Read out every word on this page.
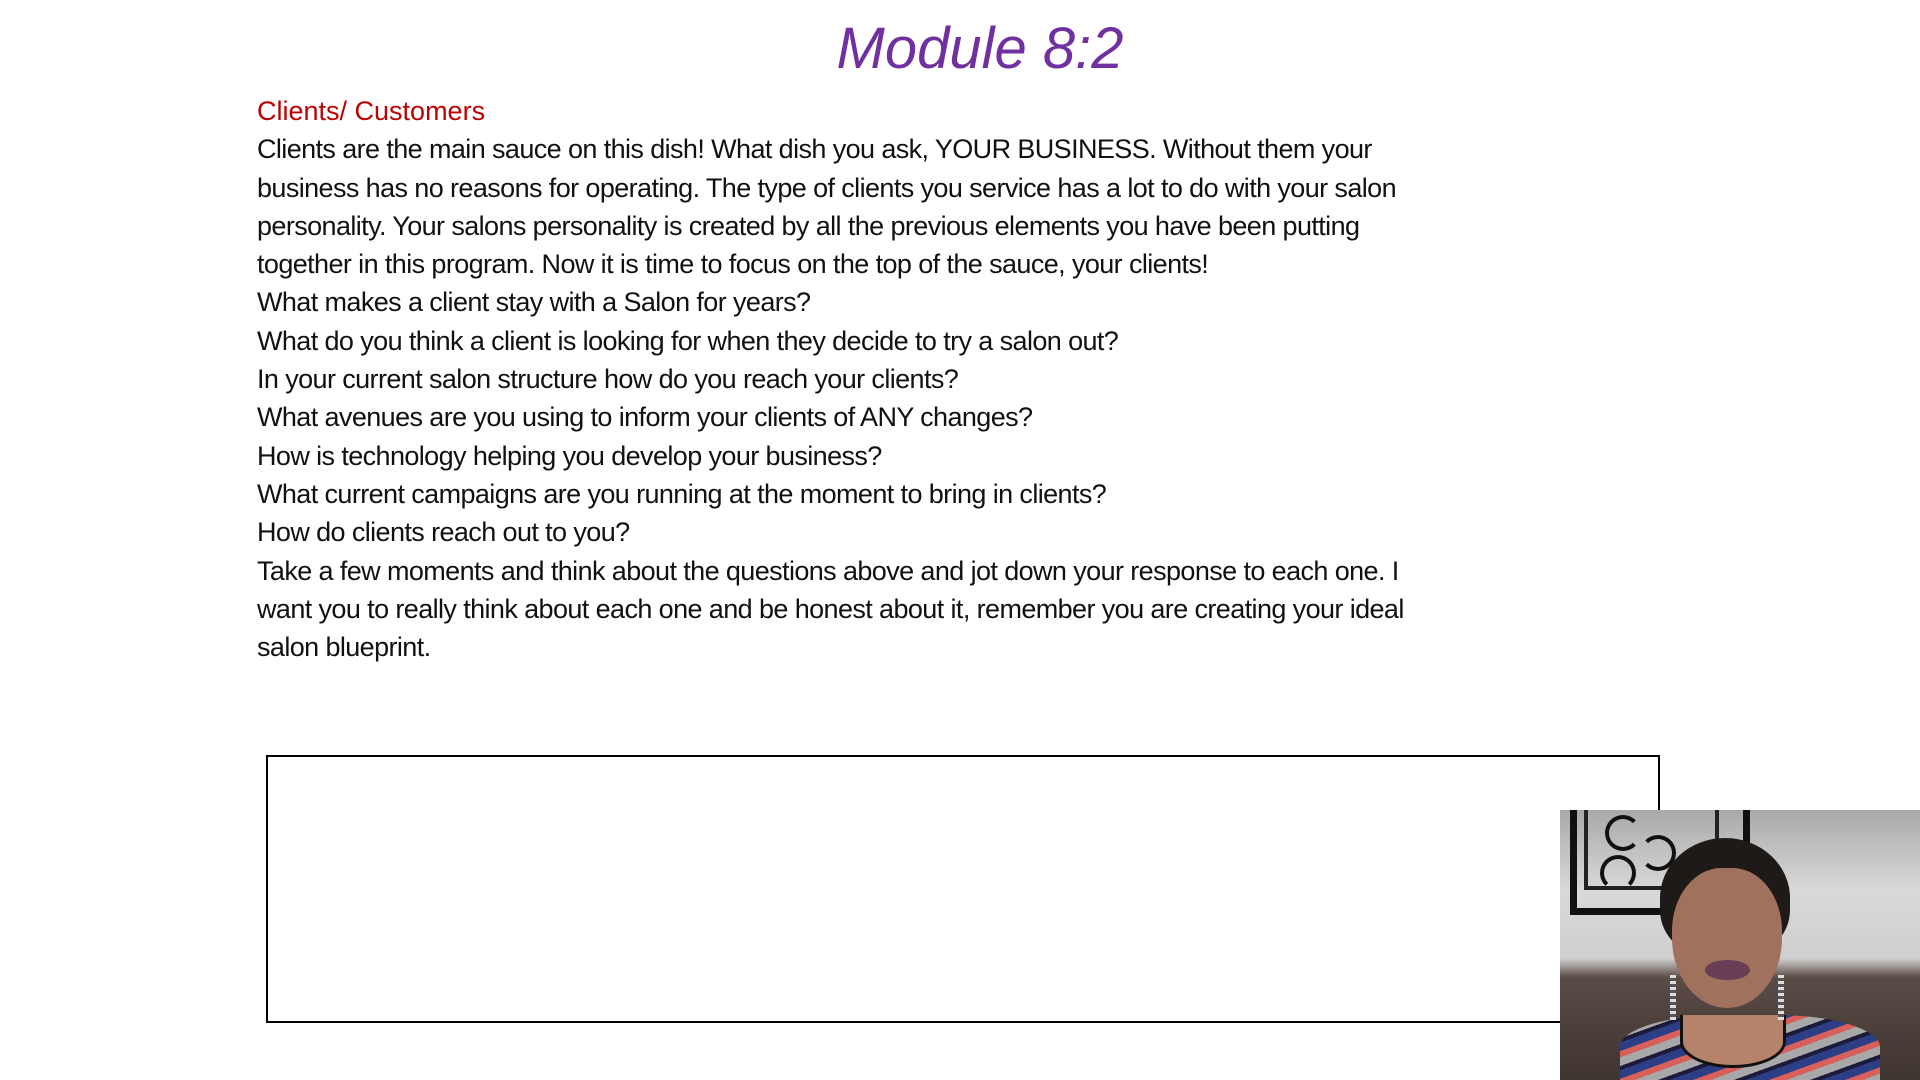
Module 8:2
Clients/ Customers
Clients are the main sauce on this dish! What dish you ask, YOUR BUSINESS. Without them your
business has no reasons for operating. The type of clients you service has a lot to do with your salon
personality. Your salons personality is created by all the previous elements you have been putting
together in this program. Now it is time to focus on the top of the sauce, your clients!
What makes a client stay with a Salon for years?
What do you think a client is looking for when they decide to try a salon out?
In your current salon structure how do you reach your clients?
What avenues are you using to inform your clients of ANY changes?
How is technology helping you develop your business?
What current campaigns are you running at the moment to bring in clients?
How do clients reach out to you?
Take a few moments and think about the questions above and jot down your response to each one. I
want you to really think about each one and be honest about it, remember you are creating your ideal
salon blueprint.
